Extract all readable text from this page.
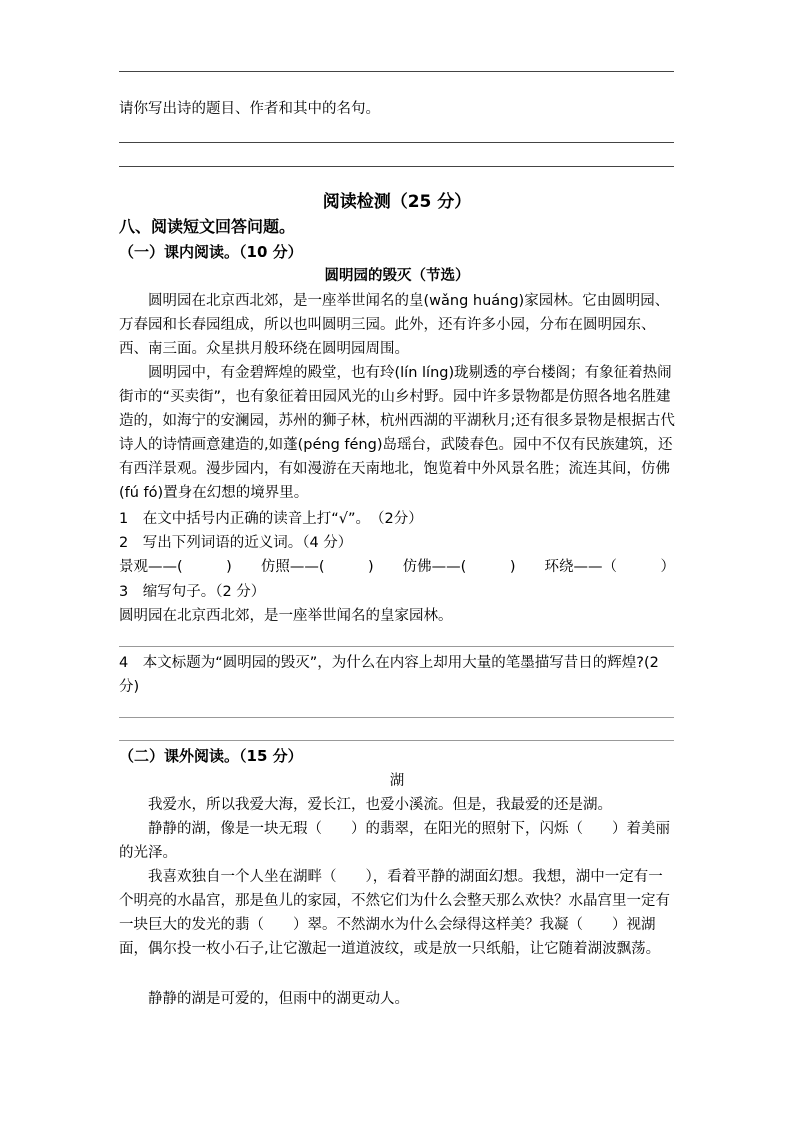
请你写出诗的题目、作者和其中的名句。
阅读检测（25 分）
八、阅读短文回答问题。
（一）课内阅读。（10 分）
圆明园的毁灭（节选）
圆明园在北京西北郊，是一座举世闻名的皇(wǎng huáng)家园林。它由圆明园、万春园和长春园组成，所以也叫圆明三园。此外，还有许多小园，分布在圆明园东、西、南三面。众星拱月般环绕在圆明园周围。
圆明园中，有金碧辉煌的殿堂，也有玲(lín líng)珑剔透的亭台楼阁；有象征着热闹街市的“买卖街”，也有象征着田园风光的山乡村野。园中许多景物都是仿照各地名胜建造的，如海宁的安澜园，苏州的狮子林，杭州西湖的平湖秋月;还有很多景物是根据古代诗人的诗情画意建造的,如蓬(péng féng)岛瑶台，武陵春色。园中不仅有民族建筑，还有西洋景观。漫步园内，有如漫游在天南地北，饱览着中外风景名胜；流连其间，仿佛(fú fó)置身在幻想的境界里。
1　在文中括号内正确的读音上打“√”。　（2分）
2　写出下列词语的近义词。（4 分）
景观——(　　　) 仿照——(　　　) 仿佛——(　　　) 环绕——（　　　）
3　缩写句子。（2 分）
圆明园在北京西北郊，是一座举世闻名的皇家园林。
4　本文标题为“圆明园的毁灭”，为什么在内容上却用大量的笔墨描写昔日的辉煌?(2 分)
（二）课外阅读。（15 分）
湖
我爱水，所以我爱大海，爱长江，也爱小溪流。但是，我最爱的还是湖。
静静的湖，像是一块无瑕（　　）的翡翠，在阳光的照射下，闪烁（　　）着美丽的光泽。
我喜欢独自一个人坐在湖畔（　　），看着平静的湖面幻想。我想，湖中一定有一个明亮的水晶宫，那是鱼儿的家园，不然它们为什么会整天那么欢快？水晶宫里一定有一块巨大的发光的翡（　　）翠。不然湖水为什么会绿得这样美？我凝（　　）视湖面，偶尔投一枚小石子,让它激起一道道波纹，或是放一只纸船，让它随着湖波飘荡。
静静的湖是可爱的，但雨中的湖更动人。
